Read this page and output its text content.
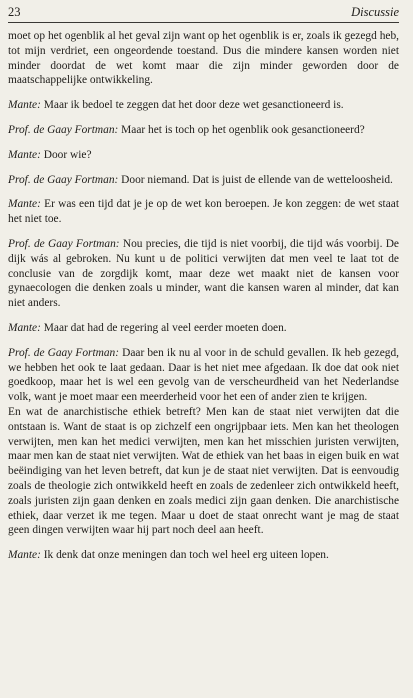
23	Discussie

moet op het ogenblik al het geval zijn want op het ogenblik is er, zoals ik gezegd heb, tot mijn verdriet, een ongeordende toestand. Dus die mindere kansen worden niet minder doordat de wet komt maar die zijn minder geworden door de maatschappelijke ontwikkeling.

Mante: Maar ik bedoel te zeggen dat het door deze wet gesanctioneerd is.

Prof. de Gaay Fortman: Maar het is toch op het ogenblik ook gesanctioneerd?

Mante: Door wie?

Prof. de Gaay Fortman: Door niemand. Dat is juist de ellende van de wetteloosheid.

Mante: Er was een tijd dat je je op de wet kon beroepen. Je kon zeggen: de wet staat het niet toe.

Prof. de Gaay Fortman: Nou precies, die tijd is niet voorbij, die tijd wás voorbij. De dijk wás al gebroken. Nu kunt u de politici verwijten dat men veel te laat tot de conclusie van de zorgdijk komt, maar deze wet maakt niet de kansen voor gynaecologen die denken zoals u minder, want die kansen waren al minder, dat kan niet anders.

Mante: Maar dat had de regering al veel eerder moeten doen.

Prof. de Gaay Fortman: Daar ben ik nu al voor in de schuld gevallen. Ik heb gezegd, we hebben het ook te laat gedaan. Daar is het niet mee afgedaan. Ik doe dat ook niet goedkoop, maar het is wel een gevolg van de verscheurdheid van het Nederlandse volk, want je moet maar een meerderheid voor het een of ander zien te krijgen.

En wat de anarchistische ethiek betreft? Men kan de staat niet verwijten dat die ontstaan is. Want de staat is op zichzelf een ongrijpbaar iets. Men kan het theologen verwijten, men kan het medici verwijten, men kan het misschien juristen verwijten, maar men kan de staat niet verwijten. Wat de ethiek van het baas in eigen buik en wat beëindiging van het leven betreft, dat kun je de staat niet verwijten. Dat is eenvoudig zoals de theologie zich ontwikkeld heeft en zoals de zedenleer zich ontwikkeld heeft, zoals juristen zijn gaan denken en zoals medici zijn gaan denken. Die anarchistische ethiek, daar verzet ik me tegen. Maar u doet de staat onrecht want je mag de staat geen dingen verwijten waar hij part noch deel aan heeft.

Mante: Ik denk dat onze meningen dan toch wel heel erg uiteen lopen.
